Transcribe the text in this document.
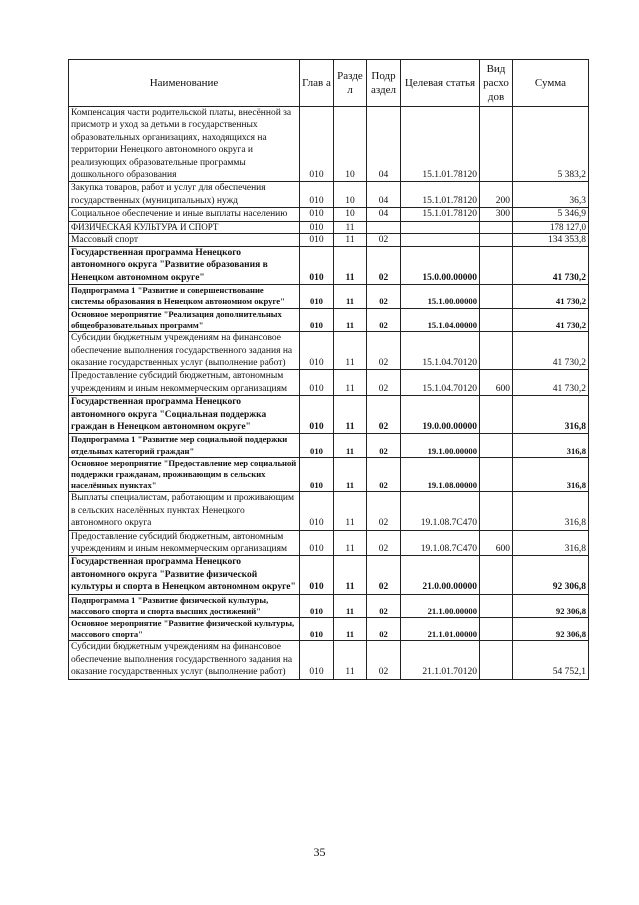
Наименование	Глав а	Разде л	Подр аздел	Целевая статья	Вид расхо дов	Сумма
Компенсация части родительской платы, внесённой за присмотр и уход за детьми в государственных образовательных организациях, находящихся на территории Ненецкого автономного округа и реализующих образовательные программы дошкольного образования	010	10	04	15.1.01.78120		5 383,2
Закупка товаров, работ и услуг для обеспечения государственных (муниципальных) нужд	010	10	04	15.1.01.78120	200	36,3
Социальное обеспечение и иные выплаты населению	010	10	04	15.1.01.78120	300	5 346,9
ФИЗИЧЕСКАЯ КУЛЬТУРА И СПОРТ	010	11				178 127,0
Массовый спорт	010	11	02			134 353,8
Государственная программа Ненецкого автономного округа "Развитие образования в Ненецком автономном округе"	010	11	02	15.0.00.00000		41 730,2
Подпрограмма 1 "Развитие и совершенствование системы образования в Ненецком автономном округе"	010	11	02	15.1.00.00000		41 730,2
Основное мероприятие "Реализация дополнительных общеобразовательных программ"	010	11	02	15.1.04.00000		41 730,2
Субсидии бюджетным учреждениям на финансовое обеспечение выполнения государственного задания на оказание государственных услуг (выполнение работ)	010	11	02	15.1.04.70120		41 730,2
Предоставление субсидий бюджетным, автономным учреждениям и иным некоммерческим организациям	010	11	02	15.1.04.70120	600	41 730,2
Государственная программа Ненецкого автономного округа "Социальная поддержка граждан в Ненецком автономном округе"	010	11	02	19.0.00.00000		316,8
Подпрограмма 1 "Развитие мер социальной поддержки отдельных категорий граждан"	010	11	02	19.1.00.00000		316,8
Основное мероприятие "Предоставление мер социальной поддержки гражданам, проживающим в сельских населённых пунктах"	010	11	02	19.1.08.00000		316,8
Выплаты специалистам, работающим и проживающим в сельских населённых пунктах Ненецкого автономного округа	010	11	02	19.1.08.7С470		316,8
Предоставление субсидий бюджетным, автономным учреждениям и иным некоммерческим организациям	010	11	02	19.1.08.7С470	600	316,8
Государственная программа Ненецкого автономного округа "Развитие физической культуры и спорта в Ненецком автономном округе"	010	11	02	21.0.00.00000		92 306,8
Подпрограмма 1 "Развитие физической культуры, массового спорта и спорта высших достижений"	010	11	02	21.1.00.00000		92 306,8
Основное мероприятие "Развитие физической культуры, массового спорта"	010	11	02	21.1.01.00000		92 306,8
Субсидии бюджетным учреждениям на финансовое обеспечение выполнения государственного задания на оказание государственных услуг (выполнение работ)	010	11	02	21.1.01.70120		54 752,1
35
